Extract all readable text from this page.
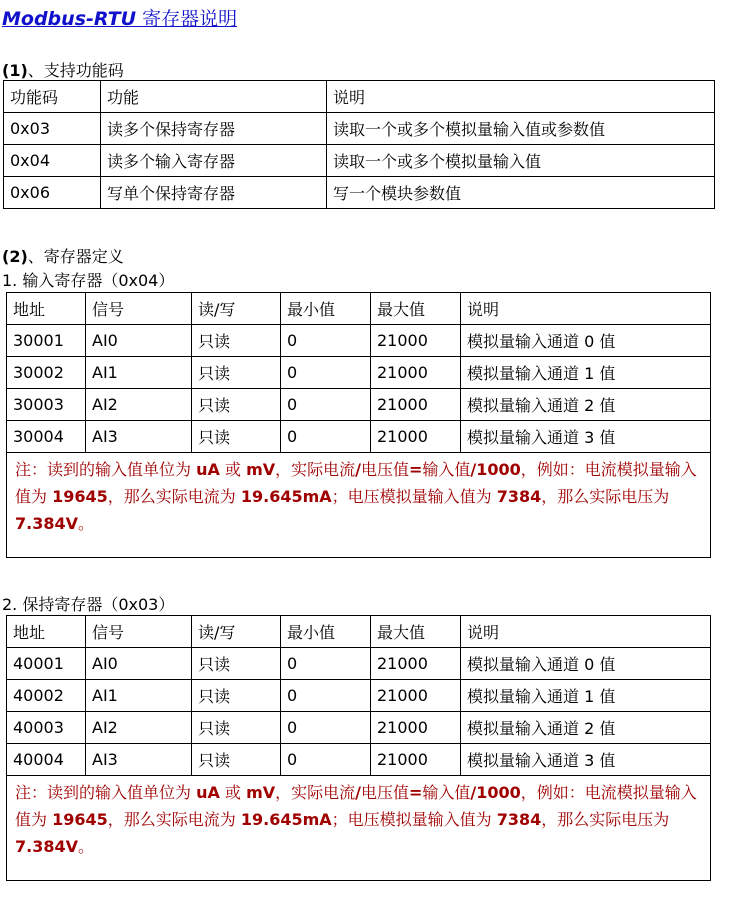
Modbus-RTU 寄存器说明
(1)、支持功能码
功能码	功能	说明
0x03	读多个保持寄存器	读取一个或多个模拟量输入值或参数值
0x04	读多个输入寄存器	读取一个或多个模拟量输入值
0x06	写单个保持寄存器	写一个模块参数值
(2)、寄存器定义
1. 输入寄存器（0x04）
地址	信号	读/写	最小值	最大值	说明
30001	AI0	只读	0	21000	模拟量输入通道 0 值
30002	AI1	只读	0	21000	模拟量输入通道 1 值
30003	AI2	只读	0	21000	模拟量输入通道 2 值
30004	AI3	只读	0	21000	模拟量输入通道 3 值
注：读到的输入值单位为 uA 或 mV，实际电流/电压值=输入值/1000，例如：电流模拟量输入值为 19645，那么实际电流为 19.645mA；电压模拟量输入值为 7384，那么实际电压为 7.384V。					
2. 保持寄存器（0x03）
地址	信号	读/写	最小值	最大值	说明
40001	AI0	只读	0	21000	模拟量输入通道 0 值
40002	AI1	只读	0	21000	模拟量输入通道 1 值
40003	AI2	只读	0	21000	模拟量输入通道 2 值
40004	AI3	只读	0	21000	模拟量输入通道 3 值
注：读到的输入值单位为 uA 或 mV，实际电流/电压值=输入值/1000，例如：电流模拟量输入值为 19645，那么实际电流为 19.645mA；电压模拟量输入值为 7384，那么实际电压为 7.384V。					
